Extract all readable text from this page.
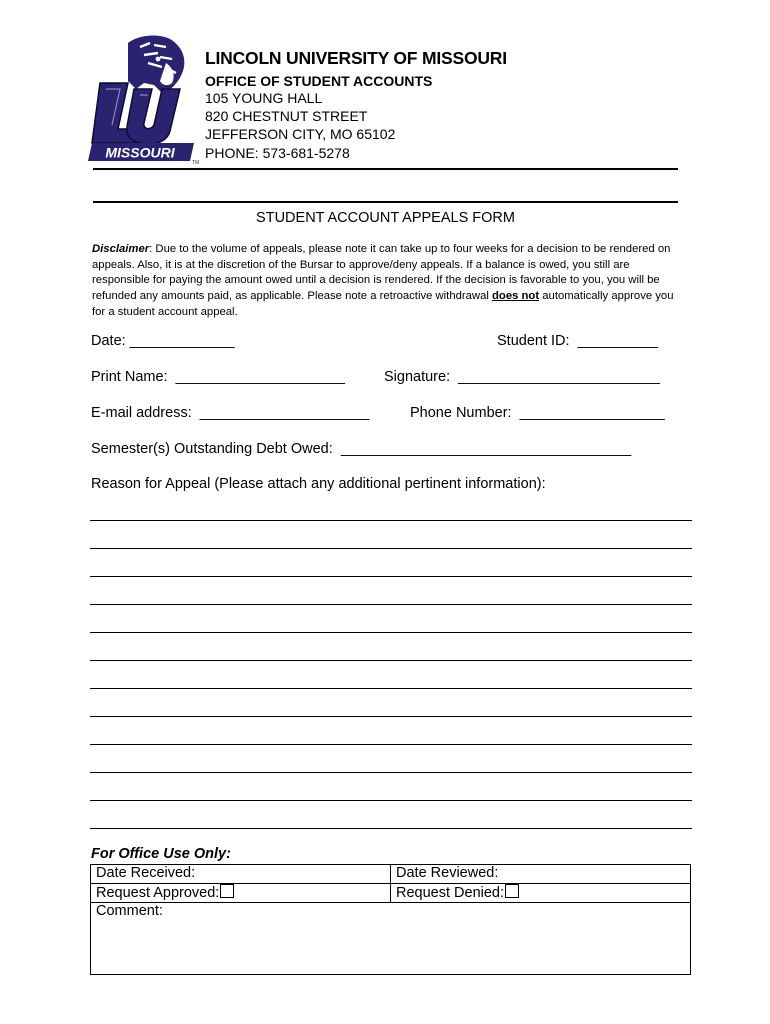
MISSOURI
TM
LINCOLN UNIVERSITY OF MISSOURI
OFFICE OF STUDENT ACCOUNTS
105 YOUNG HALL
820 CHESTNUT STREET
JEFFERSON CITY, MO 65102
PHONE: 573-681-5278
STUDENT ACCOUNT APPEALS FORM
Disclaimer: Due to the volume of appeals, please note it can take up to four weeks for a decision to be rendered on appeals. Also, it is at the discretion of the Bursar to approve/deny appeals. If a balance is owed, you still are responsible for paying the amount owed until a decision is rendered. If the decision is favorable to you, you will be refunded any amounts paid, as applicable. Please note a retroactive withdrawal does not automatically approve you for a student account appeal.
Date: _____________	Student ID:  __________
Print Name:  _____________________	Signature:  _________________________
E-mail address:  _____________________	Phone Number:  __________________
Semester(s) Outstanding Debt Owed:  ____________________________________
Reason for Appeal (Please attach any additional pertinent information):
For Office Use Only:
Date Received:	Date Reviewed:
Request Approved:	Request Denied:
Comment:	
